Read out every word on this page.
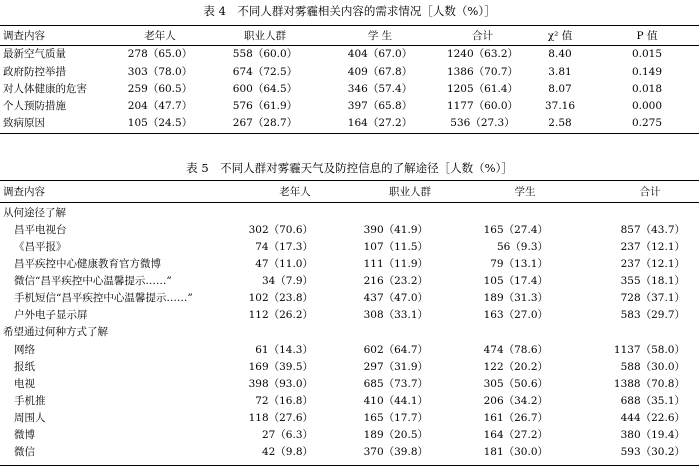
表 4　不同人群对雾霾相关内容的需求情况［人数（%）］
调查内容	老年人	职业人群	学 生	合计	χ² 值	P 值
最新空气质量	278（65.0）	558（60.0）	404（67.0）	1240（63.2）	8.40	0.015
政府防控举措	303（78.0）	674（72.5）	409（67.8）	1386（70.7）	3.81	0.149
对人体健康的危害	259（60.5）	600（64.5）	346（57.4）	1205（61.4）	8.07	0.018
个人预防措施	204（47.7）	576（61.9）	397（65.8）	1177（60.0）	37.16	0.000
致病原因	105（24.5）	267（28.7）	164（27.2）	536（27.3）	2.58	0.275
表 5　不同人群对雾霾天气及防控信息的了解途径［人数（%）］
调查内容	老年人	职业人群	学生	合计
从何途径了解
昌平电视台	302（70.6）	390（41.9）	165（27.4）	857（43.7）
《昌平报》	74（17.3）	107（11.5）	56（9.3）	237（12.1）
昌平疾控中心健康教育官方微博	47（11.0）	111（11.9）	79（13.1）	237（12.1）
微信“昌平疾控中心温馨提示……”	34（7.9）	216（23.2）	105（17.4）	355（18.1）
手机短信“昌平疾控中心温馨提示……”	102（23.8）	437（47.0）	189（31.3）	728（37.1）
户外电子显示屏	112（26.2）	308（33.1）	163（27.0）	583（29.7）
希望通过何种方式了解
网络	61（14.3）	602（64.7）	474（78.6）	1137（58.0）
报纸	169（39.5）	297（31.9）	122（20.2）	588（30.0）
电视	398（93.0）	685（73.7）	305（50.6）	1388（70.8）
手机推	72（16.8）	410（44.1）	206（34.2）	688（35.1）
周围人	118（27.6）	165（17.7）	161（26.7）	444（22.6）
微博	27（6.3）	189（20.5）	164（27.2）	380（19.4）
微信	42（9.8）	370（39.8）	181（30.0）	593（30.2）
